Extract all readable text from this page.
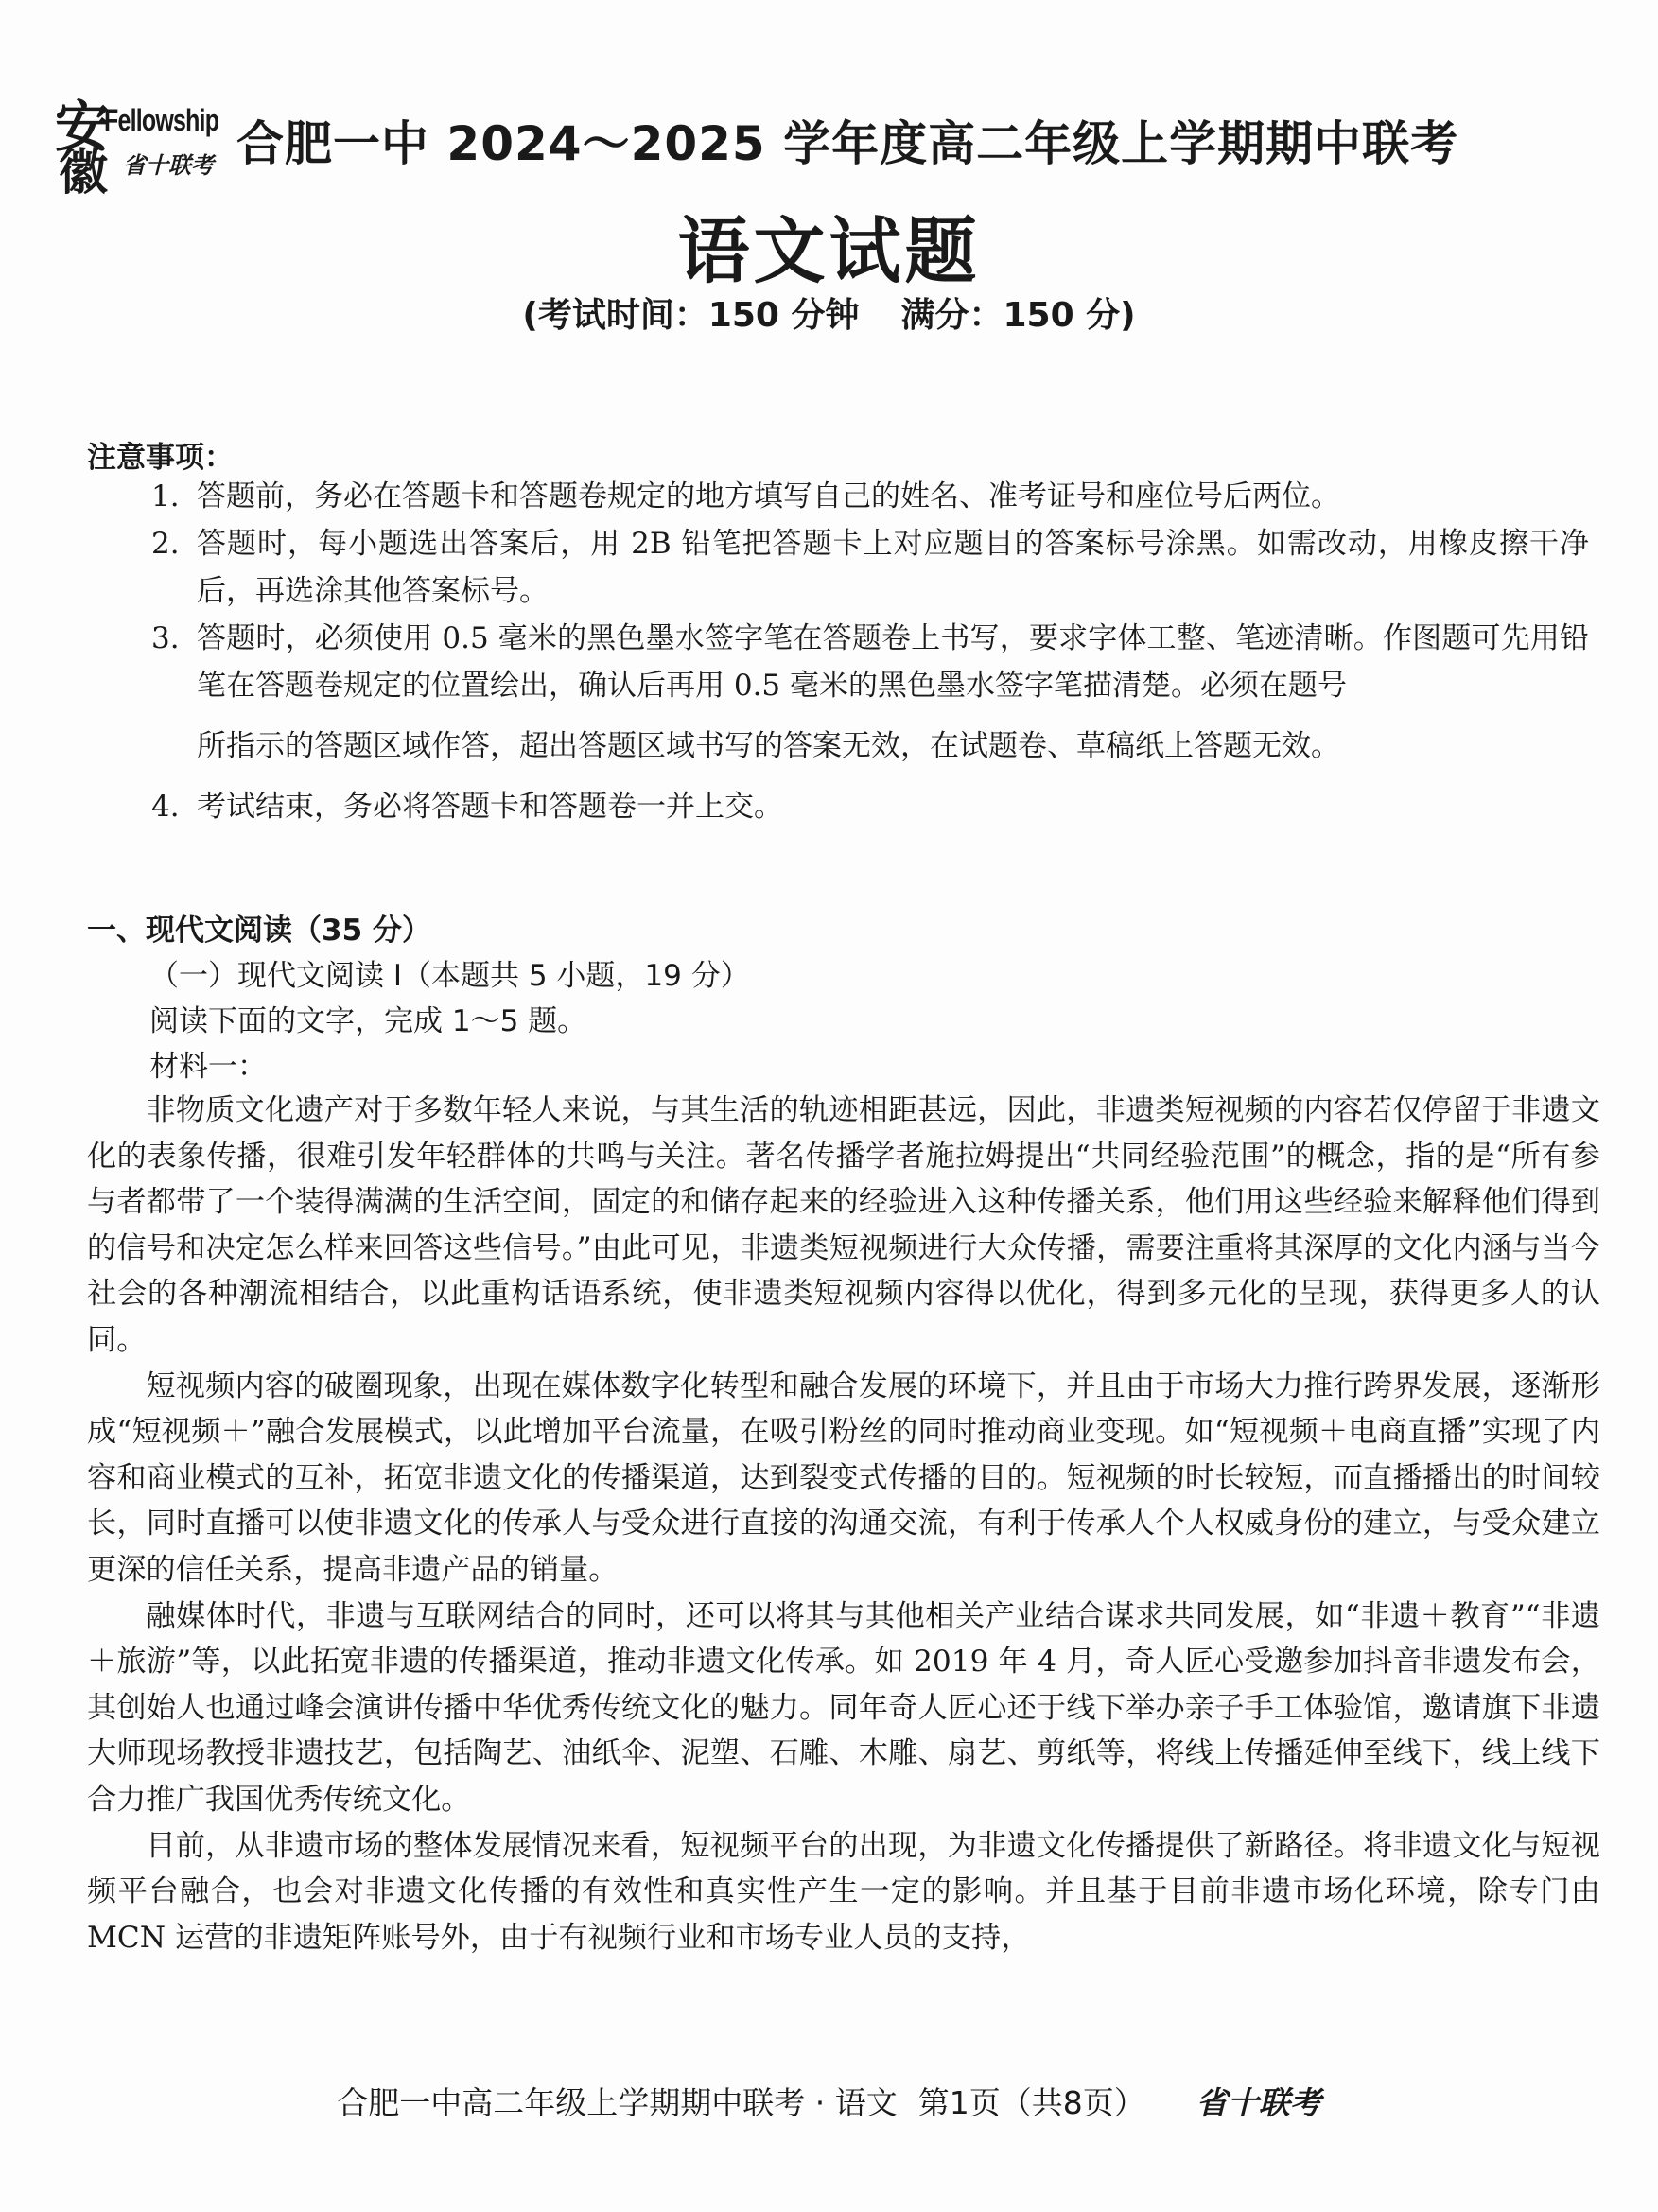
安
徽
Fellowship
省十联考 合肥一中 2024～2025 学年度高二年级上学期期中联考
语文试题
(考试时间：150 分钟 满分：150 分)
注意事项：
1. 答题前，务必在答题卡和答题卷规定的地方填写自己的姓名、准考证号和座位号后两位。
2. 答题时，每小题选出答案后，用 2B 铅笔把答题卡上对应题目的答案标号涂黑。如需改动，用橡皮擦干净后，再选涂其他答案标号。
3. 答题时，必须使用 0.5 毫米的黑色墨水签字笔在答题卷上书写，要求字体工整、笔迹清晰。作图题可先用铅笔在答题卷规定的位置绘出，确认后再用 0.5 毫米的黑色墨水签字笔描清楚。必须在题号
所指示的答题区域作答，超出答题区域书写的答案无效，在试题卷、草稿纸上答题无效。
4. 考试结束，务必将答题卡和答题卷一并上交。
一、现代文阅读（35 分）
（一）现代文阅读 I（本题共 5 小题，19 分）
阅读下面的文字，完成 1～5 题。
材料一：

非物质文化遗产对于多数年轻人来说，与其生活的轨迹相距甚远，因此，非遗类短视频的内容若仅停留于非遗文化的表象传播，很难引发年轻群体的共鸣与关注。著名传播学者施拉姆提出“共同经验范围”的概念，指的是“所有参与者都带了一个装得满满的生活空间，固定的和储存起来的经验进入这种传播关系，他们用这些经验来解释他们得到的信号和决定怎么样来回答这些信号。”由此可见，非遗类短视频进行大众传播，需要注重将其深厚的文化内涵与当今社会的各种潮流相结合，以此重构话语系统，使非遗类短视频内容得以优化，得到多元化的呈现，获得更多人的认同。

短视频内容的破圈现象，出现在媒体数字化转型和融合发展的环境下，并且由于市场大力推行跨界发展，逐渐形成“短视频＋”融合发展模式，以此增加平台流量，在吸引粉丝的同时推动商业变现。如“短视频＋电商直播”实现了内容和商业模式的互补，拓宽非遗文化的传播渠道，达到裂变式传播的目的。短视频的时长较短，而直播播出的时间较长，同时直播可以使非遗文化的传承人与受众进行直接的沟通交流，有利于传承人个人权威身份的建立，与受众建立更深的信任关系，提高非遗产品的销量。

融媒体时代，非遗与互联网结合的同时，还可以将其与其他相关产业结合谋求共同发展，如“非遗＋教育”“非遗＋旅游”等，以此拓宽非遗的传播渠道，推动非遗文化传承。如 2019 年 4 月，奇人匠心受邀参加抖音非遗发布会，其创始人也通过峰会演讲传播中华优秀传统文化的魅力。同年奇人匠心还于线下举办亲子手工体验馆，邀请旗下非遗大师现场教授非遗技艺，包括陶艺、油纸伞、泥塑、石雕、木雕、扇艺、剪纸等，将线上传播延伸至线下，线上线下合力推广我国优秀传统文化。

目前，从非遗市场的整体发展情况来看，短视频平台的出现，为非遗文化传播提供了新路径。将非遗文化与短视频平台融合，也会对非遗文化传播的有效性和真实性产生一定的影响。并且基于目前非遗市场化环境，除专门由 MCN 运营的非遗矩阵账号外，由于有视频行业和市场专业人员的支持，

合肥一中高二年级上学期期中联考 · 语文 第1页（共8页） 省十联考
